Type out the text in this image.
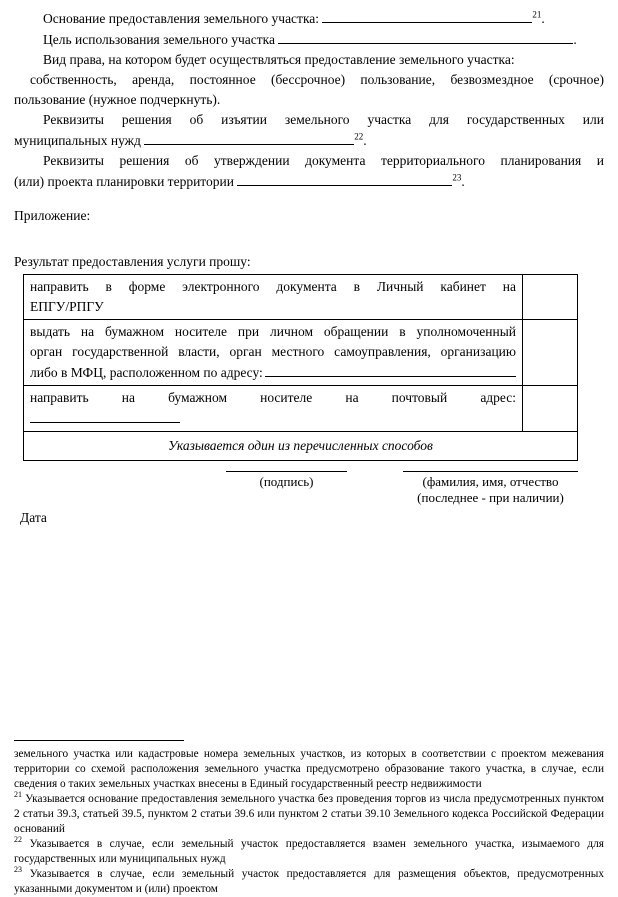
Основание предоставления земельного участка:	$^{21}$.

Цель использования земельного участка	.

Вид права, на котором будет осуществляться предоставление земельного участка:

собственность, аренда, постоянное (бессрочное) пользование, безвозмездное (срочное)
пользование (нужное подчеркнуть).
Реквизиты решения об изъятии земельного участка для государственных или

муниципальных нужд	$^{22}$.

Реквизиты решения об утверждении документа территориального планирования и

(или) проекта планировки территории	$^{23}$.

Приложение:

Результат предоставления услуги прошу:

направить в форме электронного документа в Личный кабинет на
ЕПГУ/РПГУ	

выдать на бумажном носителе при личном обращении в уполномоченный
орган государственной власти, орган местного самоуправления, организацию
либо в МФЦ, расположенном по адресу:	

направить на бумажном носителе на почтовый адрес:	

Указывается один из перечисленных способов	
(подпись)	(фамилия, имя, отчество
(последнее - при наличии)

Дата

земельного участка или кадастровые номера земельных участков, из которых в соответствии с проектом межевания территории со схемой расположения земельного участка предусмотрено образование такого участка, в случае, если сведения о таких земельных участках внесены в Единый государственный реестр недвижимости

$^{21}$ Указывается основание предоставления земельного участка без проведения торгов из числа предусмотренных пунктом 2 статьи 39.3, статьей 39.5, пунктом 2 статьи 39.6 или пунктом 2 статьи 39.10 Земельного кодекса Российской Федерации оснований

$^{22}$ Указывается в случае, если земельный участок предоставляется взамен земельного участка, изымаемого для государственных или муниципальных нужд

$^{23}$ Указывается в случае, если земельный участок предоставляется для размещения объектов, предусмотренных указанными документом и (или) проектом
